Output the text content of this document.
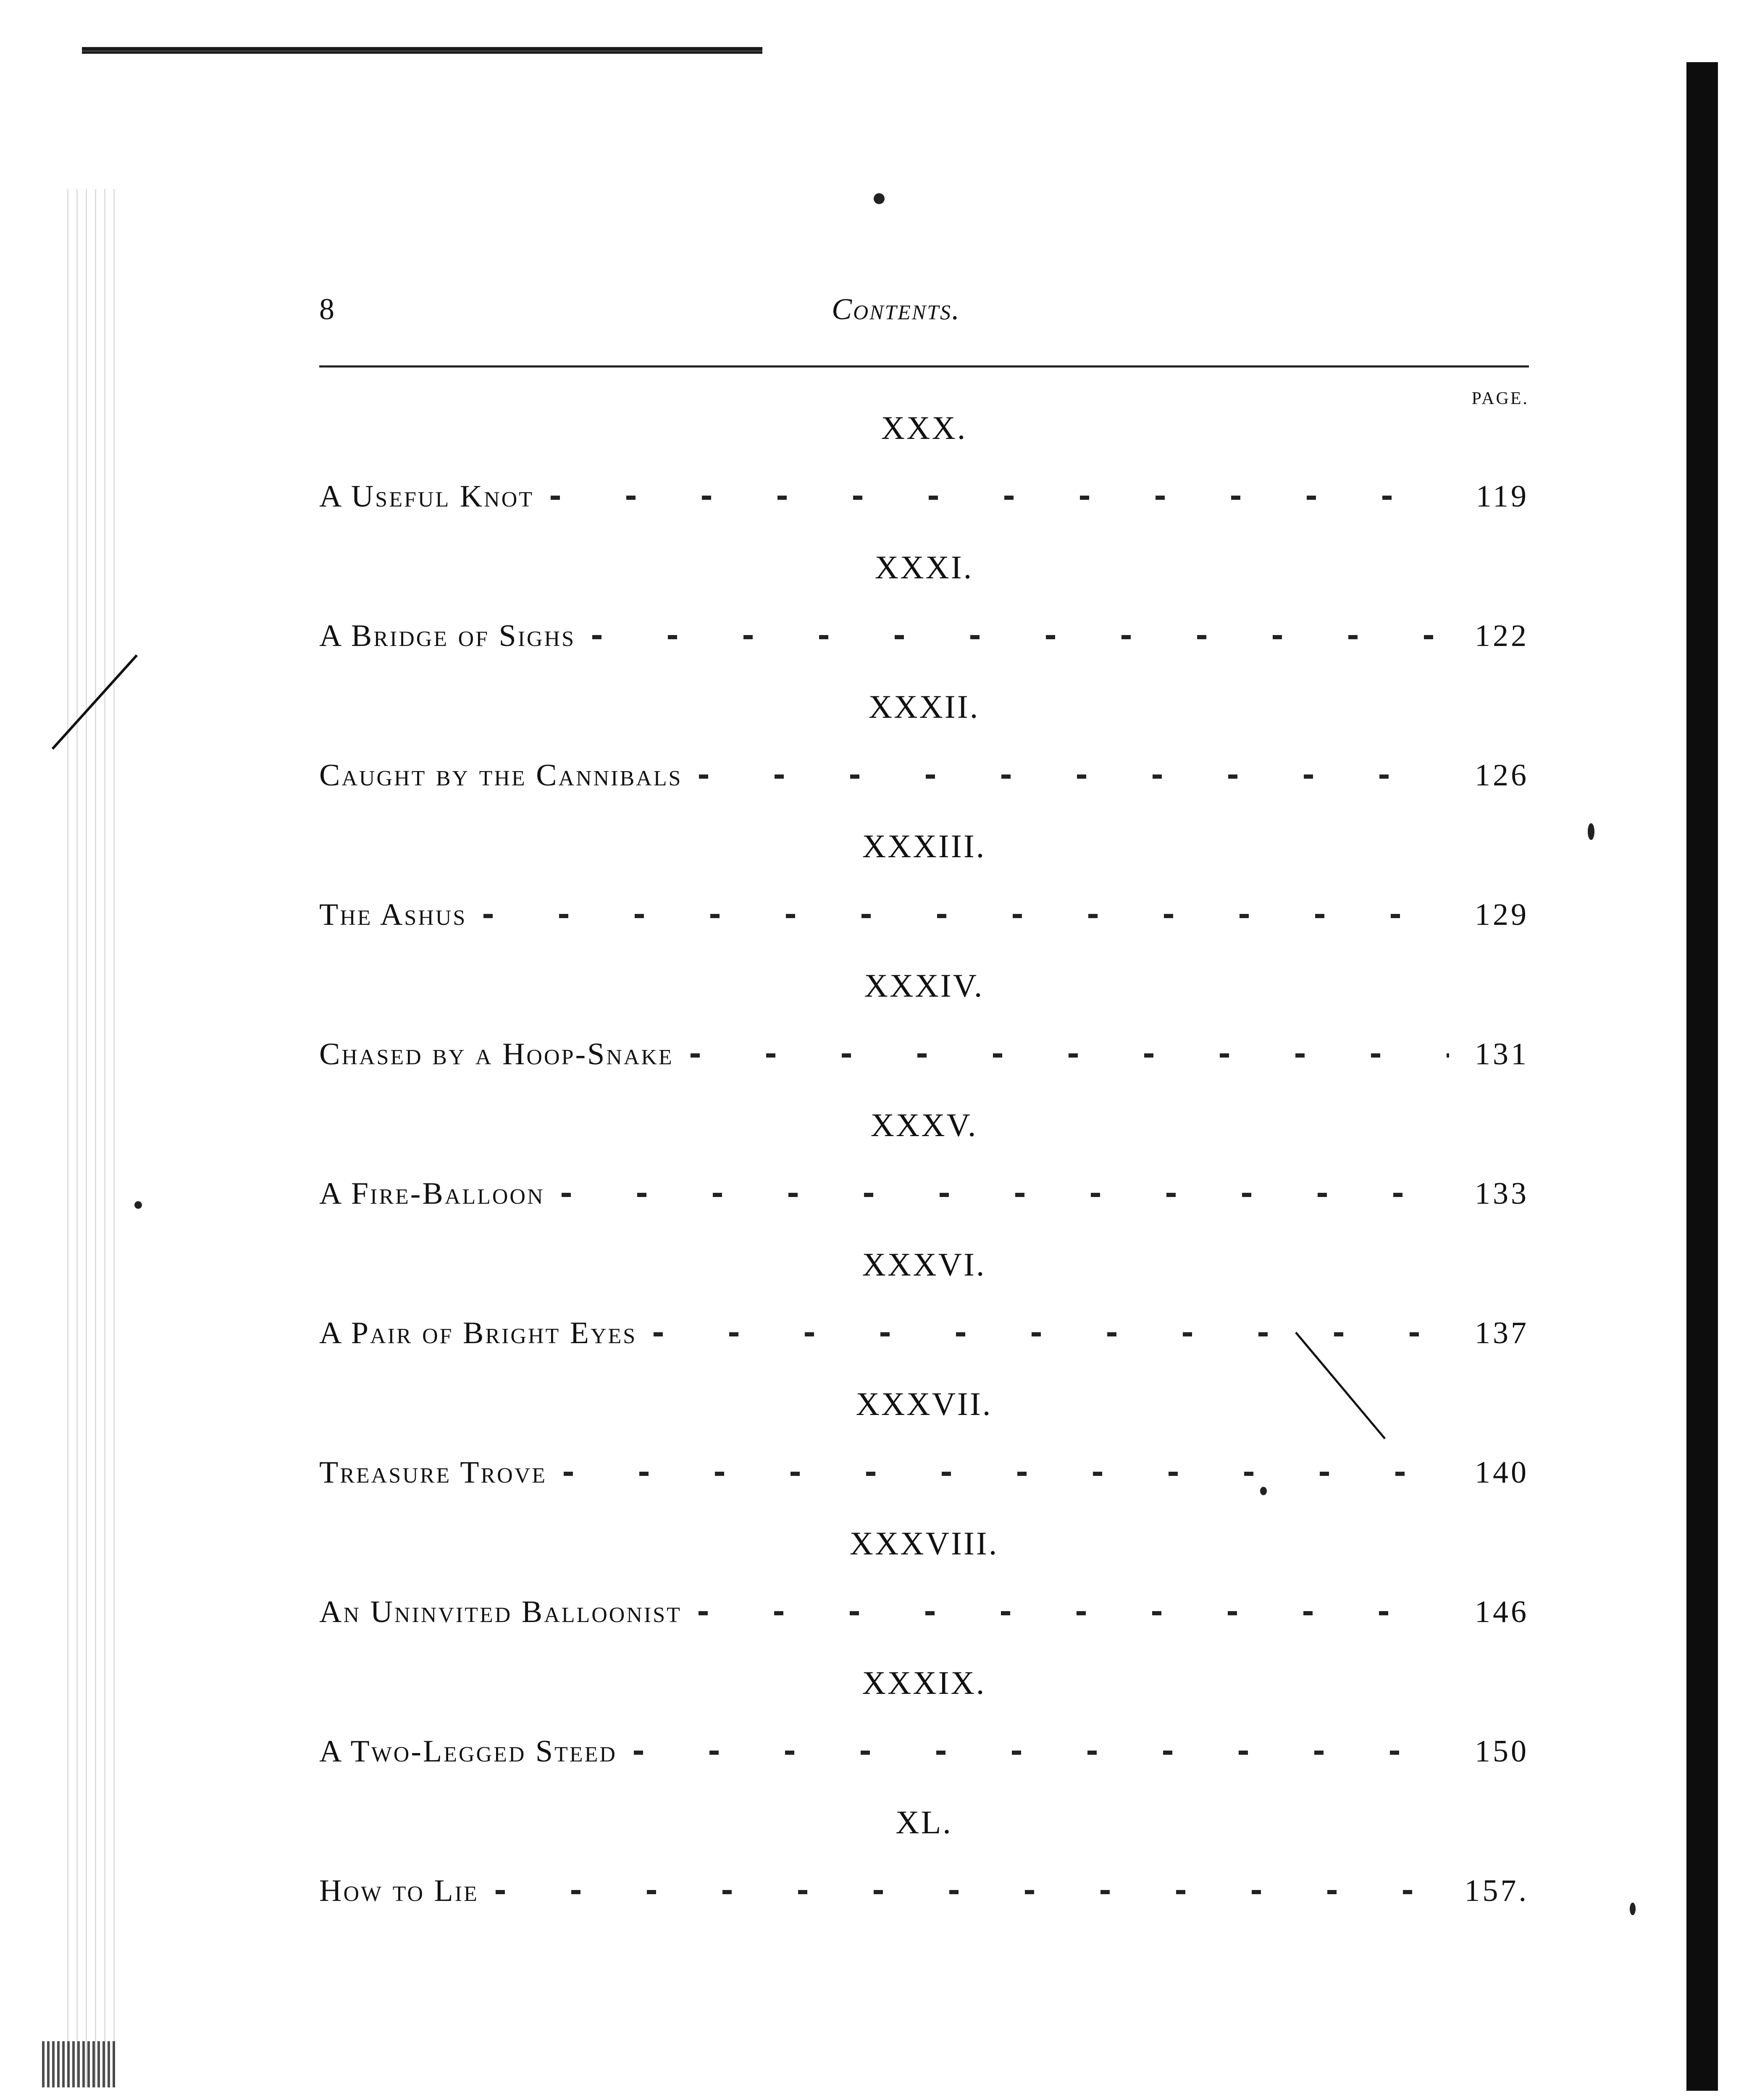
8	Contents.
PAGE.
XXX.
A Useful Knot	119
XXXI.
A Bridge of Sighs	122
XXXII.
Caught by the Cannibals	126
XXXIII.
The Ashus	129
XXXIV.
Chased by a Hoop-Snake	131
XXXV.
A Fire-Balloon	133
XXXVI.
A Pair of Bright Eyes	137
XXXVII.
Treasure Trove	140
XXXVIII.
An Uninvited Balloonist	146
XXXIX.
A Two-Legged Steed	150
XL.
How to Lie	157.
